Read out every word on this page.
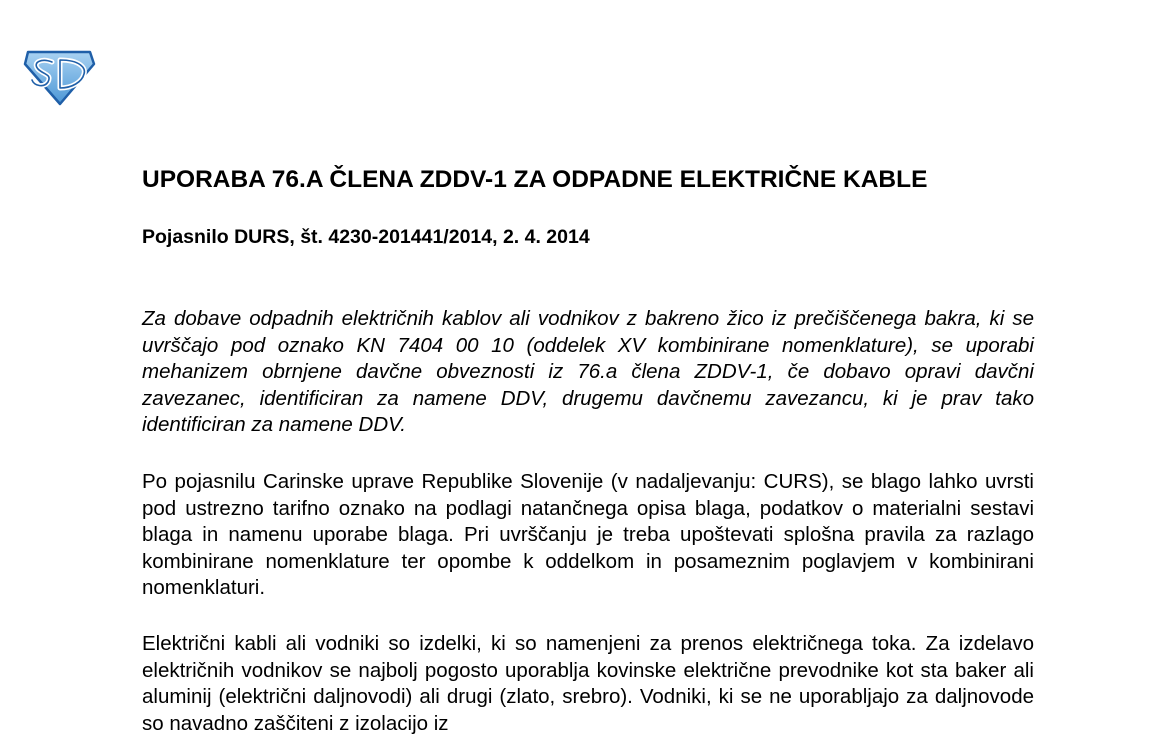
UPORABA 76.A ČLENA ZDDV-1 ZA ODPADNE ELEKTRIČNE KABLE
Pojasnilo DURS, št. 4230-201441/2014, 2. 4. 2014

Za dobave odpadnih električnih kablov ali vodnikov z bakreno žico iz prečiščenega bakra, ki se uvrščajo pod oznako KN 7404 00 10 (oddelek XV kombinirane nomenklature), se uporabi mehanizem obrnjene davčne obveznosti iz 76.a člena ZDDV-1, če dobavo opravi davčni zavezanec, identificiran za namene DDV, drugemu davčnemu zavezancu, ki je prav tako identificiran za namene DDV.

Po pojasnilu Carinske uprave Republike Slovenije (v nadaljevanju: CURS), se blago lahko uvrsti pod ustrezno tarifno oznako na podlagi natančnega opisa blaga, podatkov o materialni sestavi blaga in namenu uporabe blaga. Pri uvrščanju je treba upoštevati splošna pravila za razlago kombinirane nomenklature ter opombe k oddelkom in posameznim poglavjem v kombinirani nomenklaturi.

Električni kabli ali vodniki so izdelki, ki so namenjeni za prenos električnega toka. Za izdelavo električnih vodnikov se najbolj pogosto uporablja kovinske električne prevodnike kot sta baker ali aluminij (električni daljnovodi) ali drugi (zlato, srebro). Vodniki, ki se ne uporabljajo za daljnovode so navadno zaščiteni z izolacijo iz
